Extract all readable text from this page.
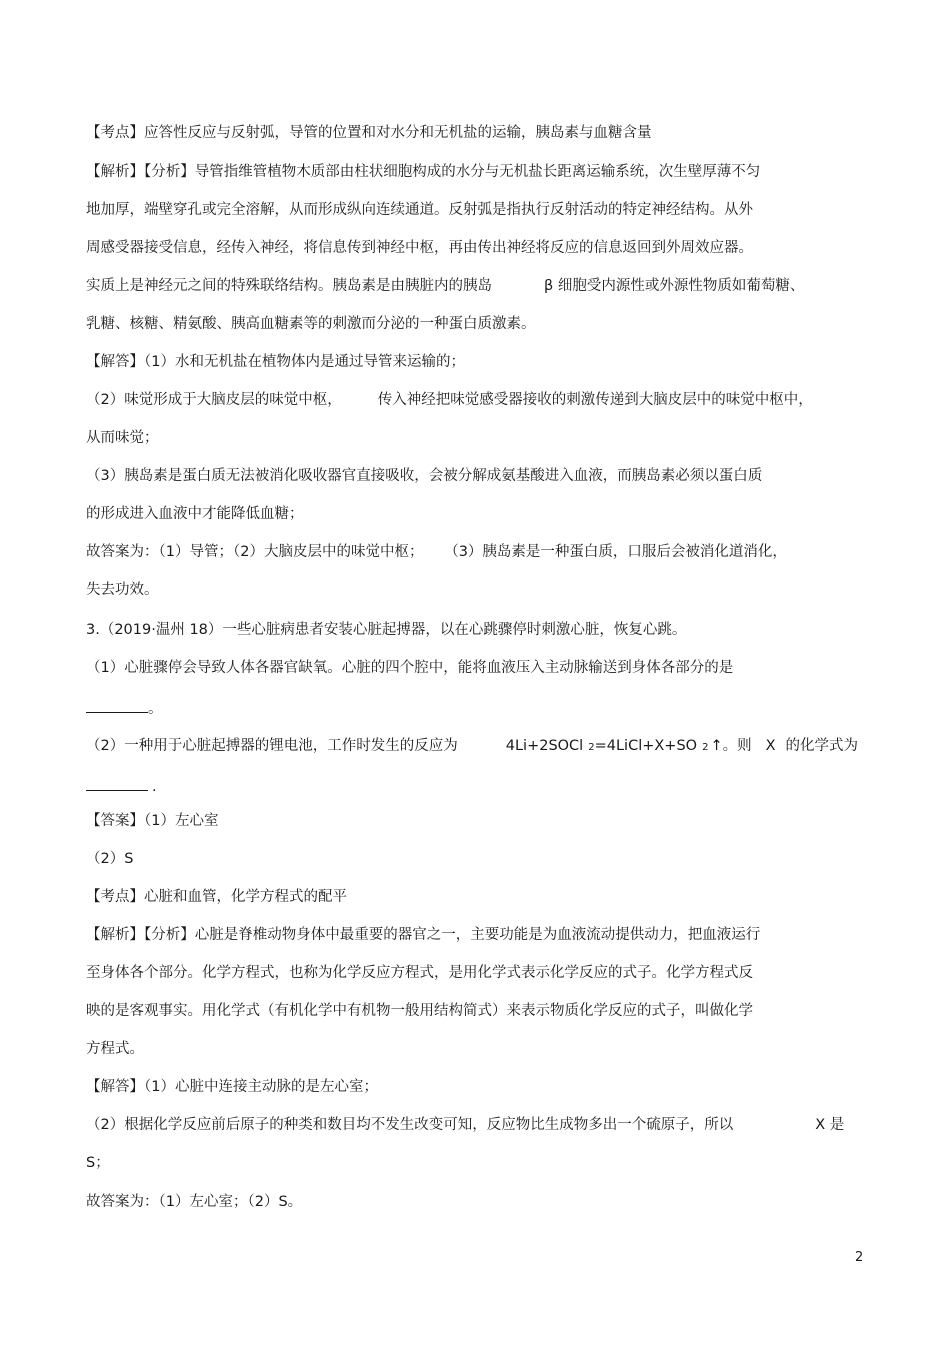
【考点】应答性反应与反射弧，导管的位置和对水分和无机盐的运输，胰岛素与血糖含量
【解析】【分析】导管指维管植物木质部由柱状细胞构成的水分与无机盐长距离运输系统，次生壁厚薄不匀
地加厚，端壁穿孔或完全溶解，从而形成纵向连续通道。反射弧是指执行反射活动的特定神经结构。从外
周感受器接受信息，经传入神经，将信息传到神经中枢，再由传出神经将反应的信息返回到外周效应器。
实质上是神经元之间的特殊联络结构。胰岛素是由胰脏内的胰岛	β 细胞受内源性或外源性物质如葡萄糖、
乳糖、核糖、精氨酸、胰高血糖素等的刺激而分泌的一种蛋白质激素。
【解答】（1）水和无机盐在植物体内是通过导管来运输的；
（2）味觉形成于大脑皮层的味觉中枢， 传入神经把味觉感受器接收的刺激传递到大脑皮层中的味觉中枢中，
从而味觉；
（3）胰岛素是蛋白质无法被消化吸收器官直接吸收，会被分解成氨基酸进入血液，而胰岛素必须以蛋白质
的形成进入血液中才能降低血糖；
故答案为：（1）导管；（2）大脑皮层中的味觉中枢； （3）胰岛素是一种蛋白质，口服后会被消化道消化，
失去功效。
3.（2019·温州 18）一些心脏病患者安装心脏起搏器，以在心跳骤停时刺激心脏，恢复心跳。
（1）心脏骤停会导致人体各器官缺氧。心脏的四个腔中，能将血液压入主动脉输送到身体各部分的是
。
（2）一种用于心脏起搏器的锂电池，工作时发生的反应为	4Li+2SOCl 2=4LiCl+X+SO 2 ↑。则 X 的化学式为
.
【答案】（1）左心室
（2）S
【考点】心脏和血管，化学方程式的配平
【解析】【分析】心脏是脊椎动物身体中最重要的器官之一，主要功能是为血液流动提供动力，把血液运行
至身体各个部分。化学方程式，也称为化学反应方程式，是用化学式表示化学反应的式子。化学方程式反
映的是客观事实。用化学式（有机化学中有机物一般用结构简式）来表示物质化学反应的式子，叫做化学
方程式。
【解答】（1）心脏中连接主动脉的是左心室；
（2）根据化学反应前后原子的种类和数目均不发生改变可知，反应物比生成物多出一个硫原子，所以	X 是
S；
故答案为：（1）左心室；（2）S。
2
